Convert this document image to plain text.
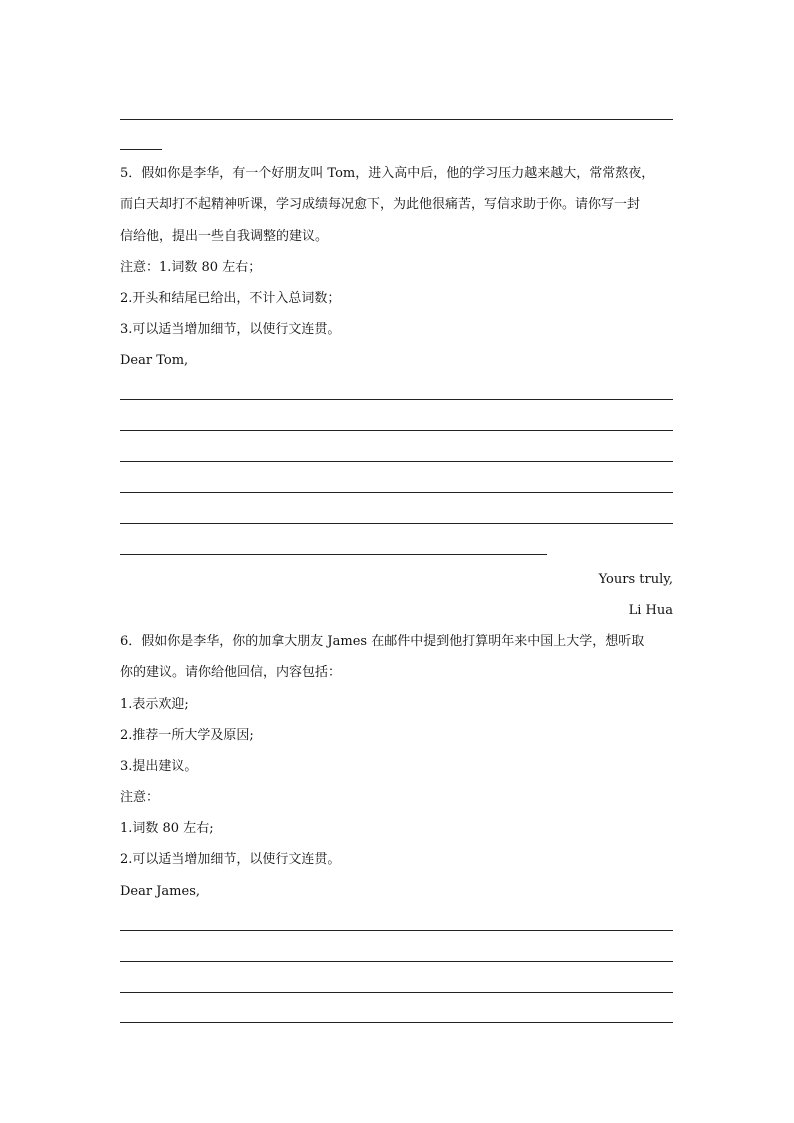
5．假如你是李华，有一个好朋友叫 Tom，进入高中后，他的学习压力越来越大，常常熬夜，
而白天却打不起精神听课，学习成绩每况愈下，为此他很痛苦，写信求助于你。请你写一封
信给他，提出一些自我调整的建议。
注意：1.词数 80 左右；
2.开头和结尾已给出，不计入总词数；
3.可以适当增加细节，以使行文连贯。
Dear Tom,
Yours truly,
Li Hua
6．假如你是李华，你的加拿大朋友 James 在邮件中提到他打算明年来中国上大学，想听取
你的建议。请你给他回信，内容包括：
1.表示欢迎;
2.推荐一所大学及原因;
3.提出建议。
注意：
1.词数 80 左右;
2.可以适当增加细节，以使行文连贯。
Dear James,
